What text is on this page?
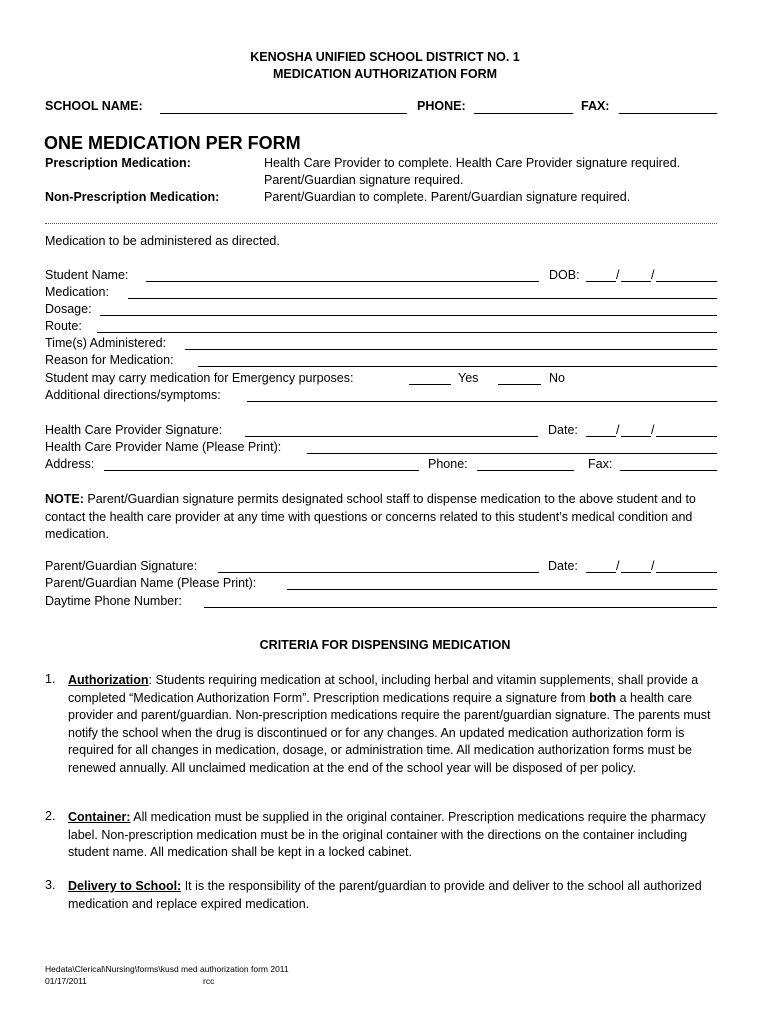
KENOSHA UNIFIED SCHOOL DISTRICT NO. 1
MEDICATION AUTHORIZATION FORM
SCHOOL NAME:	PHONE:	FAX:
ONE MEDICATION PER FORM
Prescription Medication:	Health Care Provider to complete. Health Care Provider signature required.
Parent/Guardian signature required.
Non-Prescription Medication:	Parent/Guardian to complete. Parent/Guardian signature required.
Medication to be administered as directed.
Student Name:	DOB:	/	/
Medication:
Dosage:
Route:
Time(s) Administered:
Reason for Medication:
Student may carry medication for Emergency purposes:	Yes	No
Additional directions/symptoms:
Health Care Provider Signature:	Date:	/	/
Health Care Provider Name (Please Print):
Address:	Phone:	Fax:
NOTE: Parent/Guardian signature permits designated school staff to dispense medication to the above student and to contact the health care provider at any time with questions or concerns related to this student’s medical condition and medication.
Parent/Guardian Signature:	Date:	/	/
Parent/Guardian Name (Please Print):
Daytime Phone Number:
CRITERIA FOR DISPENSING MEDICATION
1. Authorization: Students requiring medication at school, including herbal and vitamin supplements, shall provide a completed “Medication Authorization Form”. Prescription medications require a signature from both a health care provider and parent/guardian. Non-prescription medications require the parent/guardian signature. The parents must notify the school when the drug is discontinued or for any changes. An updated medication authorization form is required for all changes in medication, dosage, or administration time. All medication authorization forms must be renewed annually. All unclaimed medication at the end of the school year will be disposed of per policy.
2. Container: All medication must be supplied in the original container. Prescription medications require the pharmacy label. Non-prescription medication must be in the original container with the directions on the container including student name. All medication shall be kept in a locked cabinet.
3. Delivery to School: It is the responsibility of the parent/guardian to provide and deliver to the school all authorized medication and replace expired medication.
Hedata\Clerical\Nursing\forms\kusd med authorization form 2011
01/17/2011	rcc
